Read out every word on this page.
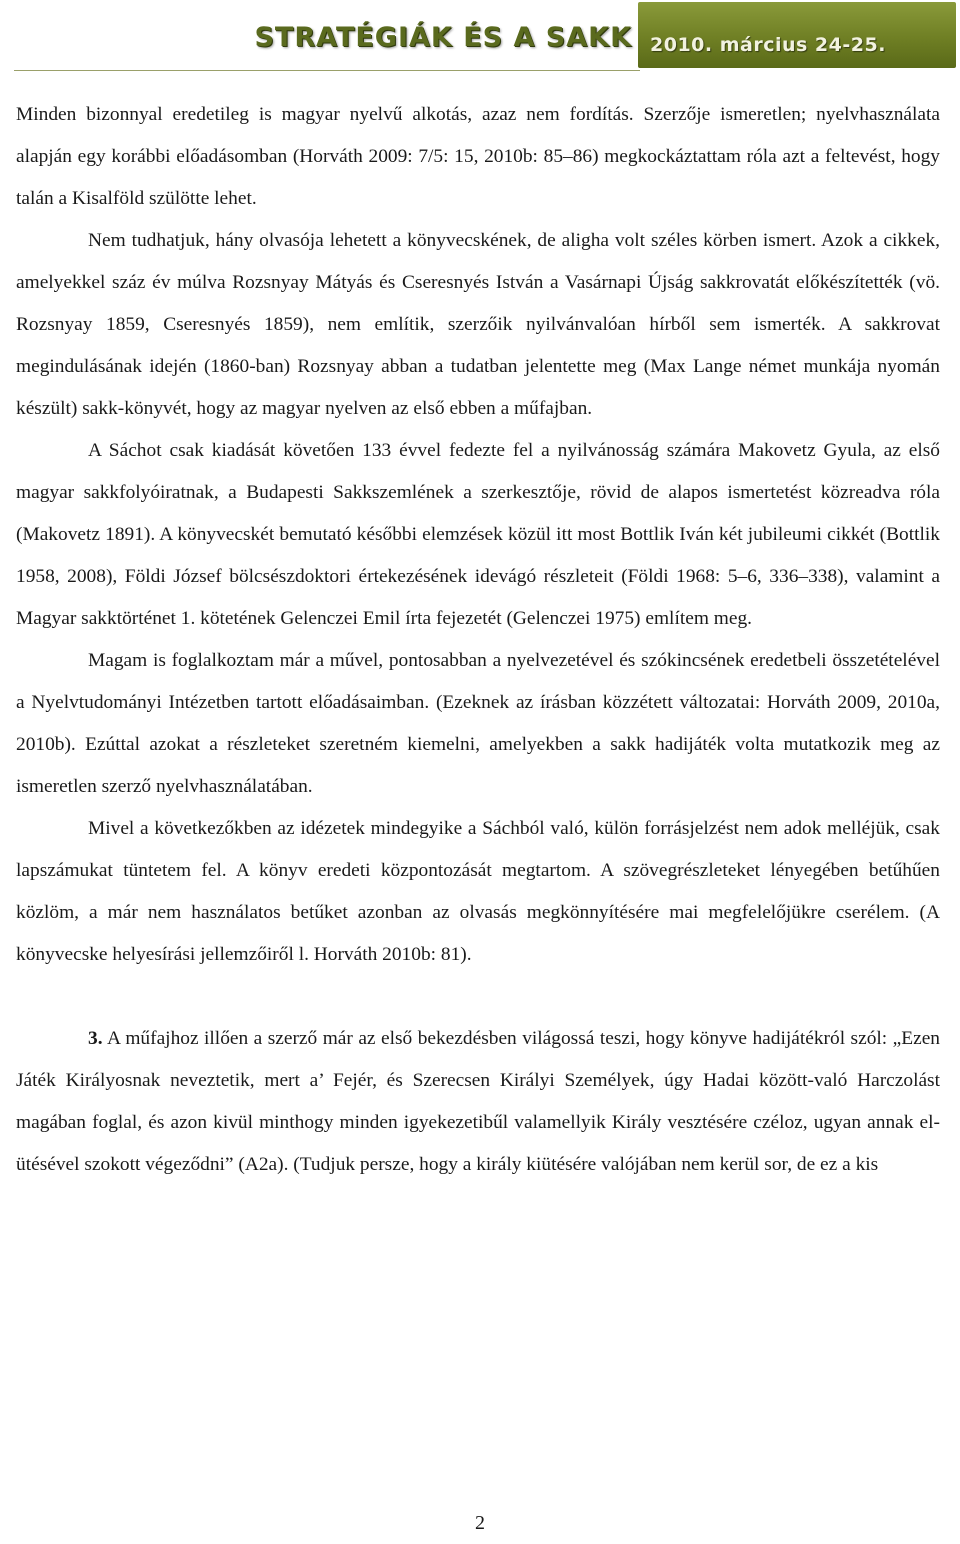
STRATÉGIÁK ÉS A SAKK 2010. március 24-25.

Minden bizonnyal eredetileg is magyar nyelvű alkotás, azaz nem fordítás. Szerzője ismeretlen; nyelvhasználata alapján egy korábbi előadásomban (Horváth 2009: 7/5: 15, 2010b: 85–86) megkockáztattam róla azt a feltevést, hogy talán a Kisalföld szülötte lehet.

Nem tudhatjuk, hány olvasója lehetett a könyvecskének, de aligha volt széles körben ismert. Azok a cikkek, amelyekkel száz év múlva Rozsnyay Mátyás és Cseresnyés István a Vasárnapi Újság sakkrovatát előkészítették (vö. Rozsnyay 1859, Cseresnyés 1859), nem említik, szerzőik nyilvánvalóan hírből sem ismerték. A sakkrovat megindulásának idején (1860-ban) Rozsnyay abban a tudatban jelentette meg (Max Lange német munkája nyomán készült) sakk-könyvét, hogy az magyar nyelven az első ebben a műfajban.

A Sáchot csak kiadását követően 133 évvel fedezte fel a nyilvánosság számára Makovetz Gyula, az első magyar sakkfolyóiratnak, a Budapesti Sakkszemlének a szerkesztője, rövid de alapos ismertetést közreadva róla (Makovetz 1891). A könyvecskét bemutató későbbi elemzések közül itt most Bottlik Iván két jubileumi cikkét (Bottlik 1958, 2008), Földi József bölcsészdoktori értekezésének idevágó részleteit (Földi 1968: 5–6, 336–338), valamint a Magyar sakktörténet 1. kötetének Gelenczei Emil írta fejezetét (Gelenczei 1975) említem meg.

Magam is foglalkoztam már a művel, pontosabban a nyelvezetével és szókincsének eredetbeli összetételével a Nyelvtudományi Intézetben tartott előadásaimban. (Ezeknek az írásban közzétett változatai: Horváth 2009, 2010a, 2010b). Ezúttal azokat a részleteket szeretném kiemelni, amelyekben a sakk hadijáték volta mutatkozik meg az ismeretlen szerző nyelvhasználatában.

Mivel a következőkben az idézetek mindegyike a Sáchból való, külön forrásjelzést nem adok melléjük, csak lapszámukat tüntetem fel. A könyv eredeti központozását megtartom. A szövegrészleteket lényegében betűhűen közlöm, a már nem használatos betűket azonban az olvasás megkönnyítésére mai megfelelőjükre cserélem. (A könyvecske helyesírási jellemzőiről l. Horváth 2010b: 81).

3. A műfajhoz illően a szerző már az első bekezdésben világossá teszi, hogy könyve hadijátékról szól: „Ezen Játék Királyosnak neveztetik, mert a’ Fejér, és Szerecsen Királyi Személyek, úgy Hadai között-való Harczolást magában foglal, és azon kivül minthogy minden igyekezetibűl valamellyik Király vesztésére czéloz, ugyan annak el-ütésével szokott végeződni” (A2a). (Tudjuk persze, hogy a király kiütésére valójában nem kerül sor, de ez a kis

2
